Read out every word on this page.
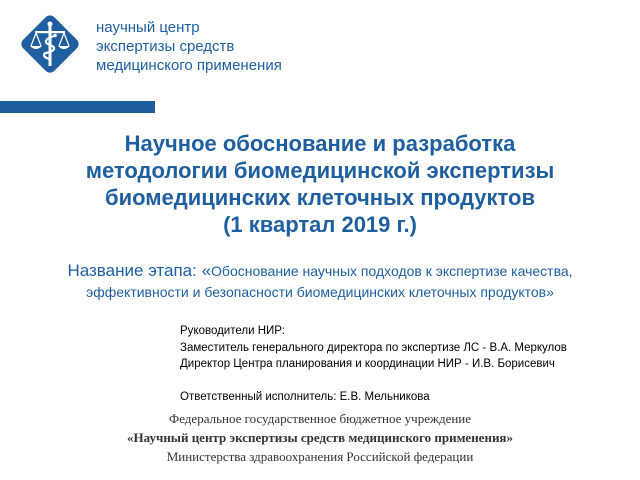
научный центр
экспертизы средств
медицинского применения
Научное обоснование и разработка
методологии биомедицинской экспертизы
биомедицинских клеточных продуктов
(1 квартал 2019 г.)
Название этапа: «Обоснование научных подходов к экспертизе качества,
эффективности и безопасности биомедицинских клеточных продуктов»
Руководители НИР:
Заместитель генерального директора по экспертизе ЛС - В.А. Меркулов
Директор Центра планирования и координации НИР - И.В. Борисевич
Ответственный исполнитель: Е.В. Мельникова
Федеральное государственное бюджетное учреждение
«Научный центр экспертизы средств медицинского применения»
Министерства здравоохранения Российской федерации
